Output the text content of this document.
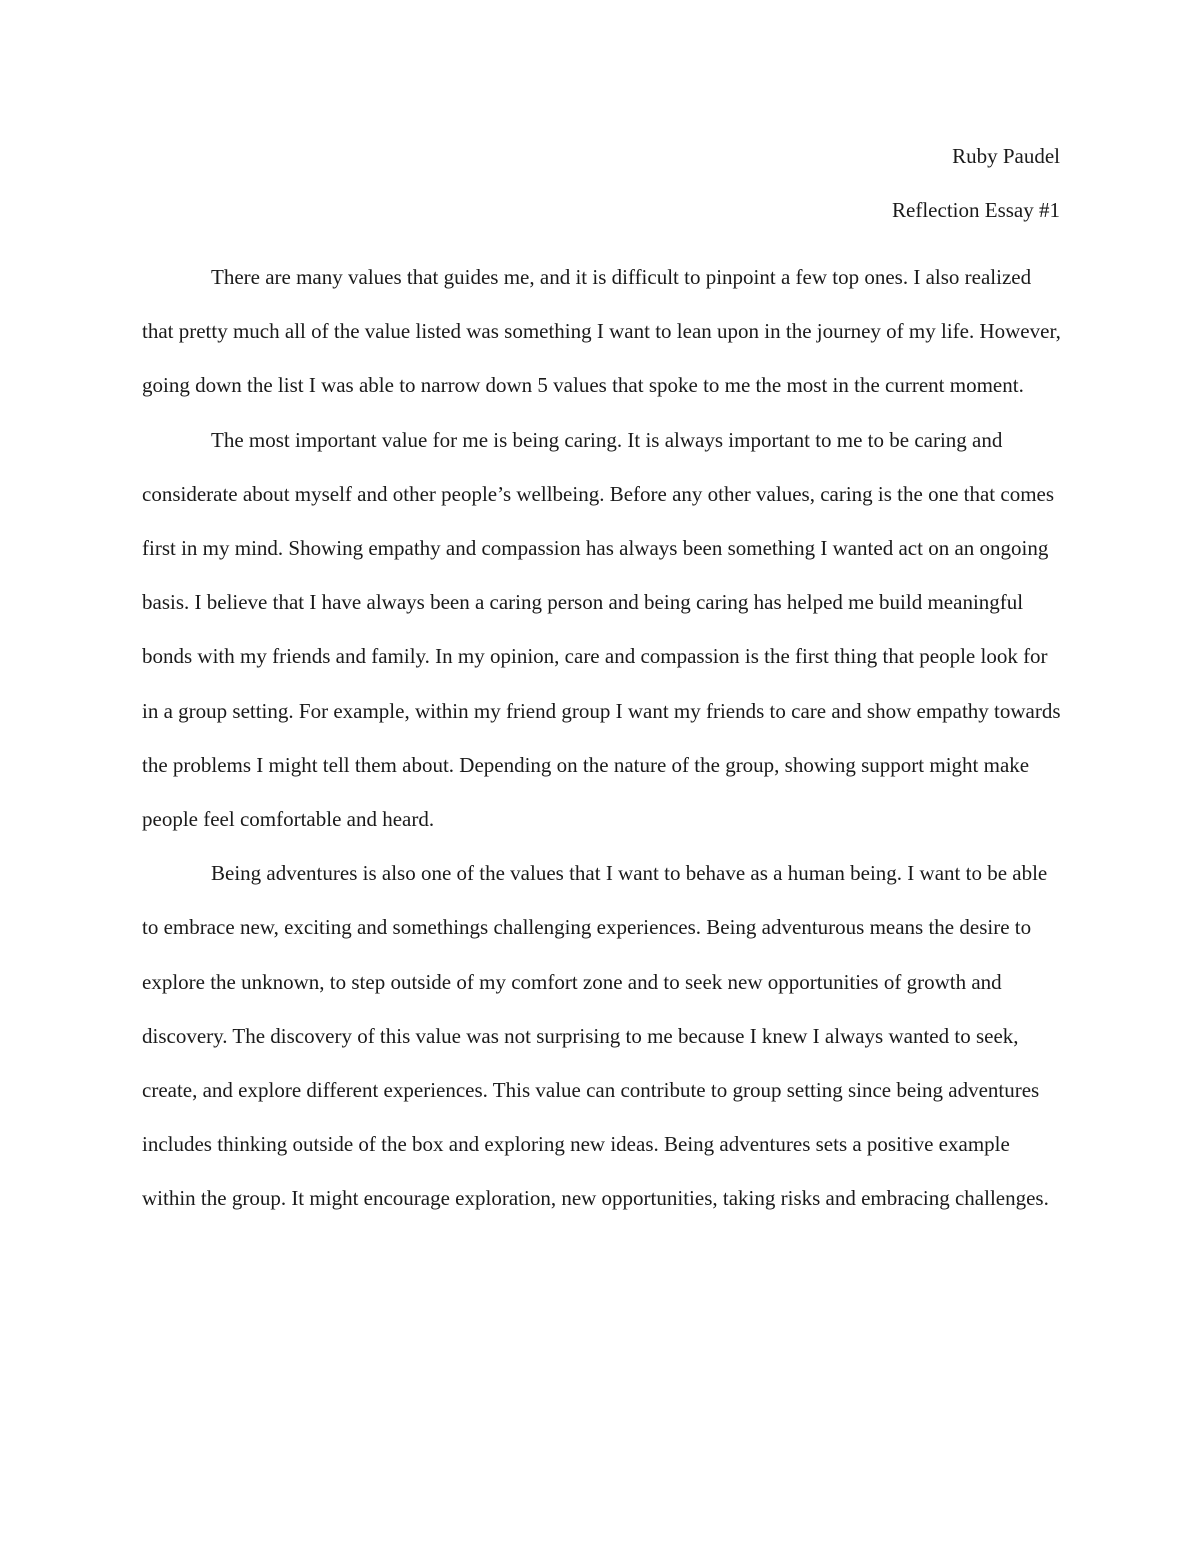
Ruby Paudel
Reflection Essay #1

There are many values that guides me, and it is difficult to pinpoint a few top ones. I also realized that pretty much all of the value listed was something I want to lean upon in the journey of my life. However, going down the list I was able to narrow down 5 values that spoke to me the most in the current moment.

The most important value for me is being caring. It is always important to me to be caring and considerate about myself and other people’s wellbeing. Before any other values, caring is the one that comes first in my mind. Showing empathy and compassion has always been something I wanted act on an ongoing basis. I believe that I have always been a caring person and being caring has helped me build meaningful bonds with my friends and family. In my opinion, care and compassion is the first thing that people look for in a group setting. For example, within my friend group I want my friends to care and show empathy towards the problems I might tell them about. Depending on the nature of the group, showing support might make people feel comfortable and heard.

Being adventures is also one of the values that I want to behave as a human being. I want to be able to embrace new, exciting and somethings challenging experiences. Being adventurous means the desire to explore the unknown, to step outside of my comfort zone and to seek new opportunities of growth and discovery. The discovery of this value was not surprising to me because I knew I always wanted to seek, create, and explore different experiences. This value can contribute to group setting since being adventures includes thinking outside of the box and exploring new ideas. Being adventures sets a positive example within the group. It might encourage exploration, new opportunities, taking risks and embracing challenges.
